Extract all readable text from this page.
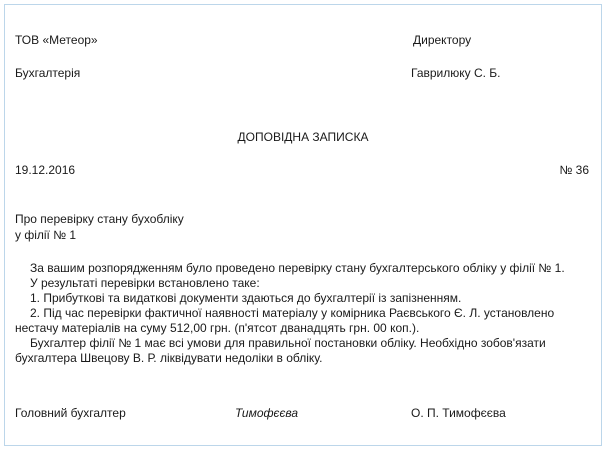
ТОВ «Метеор»	Директору
Бухгалтерія	Гаврилюку С. Б.
ДОПОВІДНА ЗАПИСКА
19.12.2016	№ 36
Про перевірку стану бухобліку
у філії № 1

За вашим розпорядженням було проведено перевірку стану бухгалтерського обліку у філії № 1.

У результаті перевірки встановлено таке:

1. Прибуткові та видаткові документи здаються до бухгалтерії із запізненням.

2. Під час перевірки фактичної наявності матеріалу у комірника Раєвського Є. Л. установлено нестачу матеріалів на суму 512,00 грн. (п'ятсот дванадцять грн. 00 коп.).

Бухгалтер філії № 1 має всі умови для правильної постановки обліку. Необхідно зобов'язати бухгалтера Швецову В. Р. ліквідувати недоліки в обліку.

Головний бухгалтер	Тимофєєва	О. П. Тимофєєва
